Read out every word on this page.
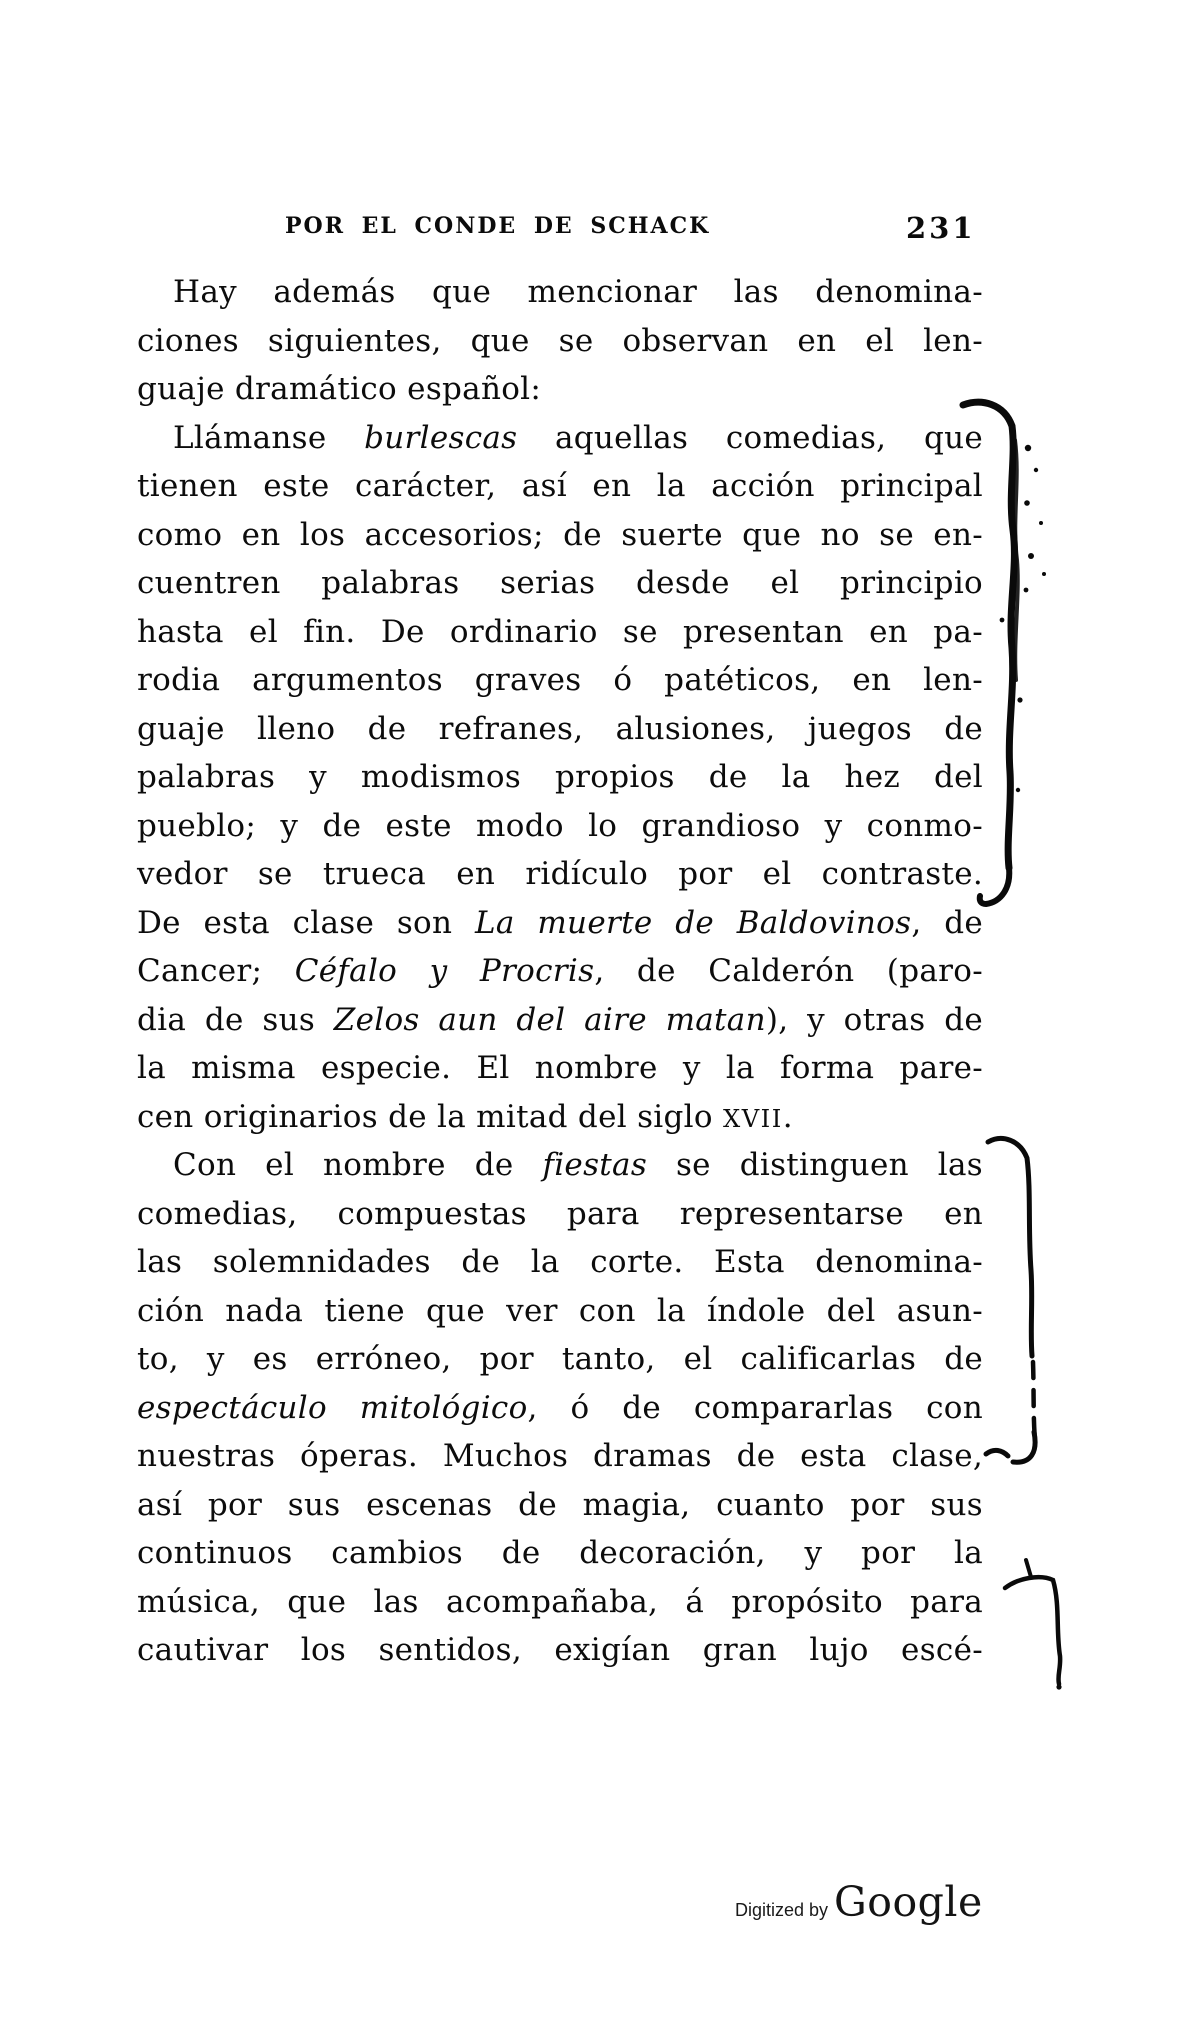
POR EL CONDE DE SCHACK	231
Hay además que mencionar las denomina-
ciones siguientes, que se observan en el len-
guaje dramático español:
Llámanse burlescas aquellas comedias, que
tienen este carácter, así en la acción principal
como en los accesorios; de suerte que no se en-
cuentren palabras serias desde el principio
hasta el fin. De ordinario se presentan en pa-
rodia argumentos graves ó patéticos, en len-
guaje lleno de refranes, alusiones, juegos de
palabras y modismos propios de la hez del
pueblo; y de este modo lo grandioso y conmo-
vedor se trueca en ridículo por el contraste.
De esta clase son La muerte de Baldovinos, de
Cancer; Céfalo y Procris, de Calderón (paro-
dia de sus Zelos aun del aire matan), y otras de
la misma especie. El nombre y la forma pare-
cen originarios de la mitad del siglo XVII.
Con el nombre de fiestas se distinguen las
comedias, compuestas para representarse en
las solemnidades de la corte. Esta denomina-
ción nada tiene que ver con la índole del asun-
to, y es erróneo, por tanto, el calificarlas de
espectáculo mitológico, ó de compararlas con
nuestras óperas. Muchos dramas de esta clase,
así por sus escenas de magia, cuanto por sus
continuos cambios de decoración, y por la
música, que las acompañaba, á propósito para
cautivar los sentidos, exigían gran lujo escé-
Digitized by Google
